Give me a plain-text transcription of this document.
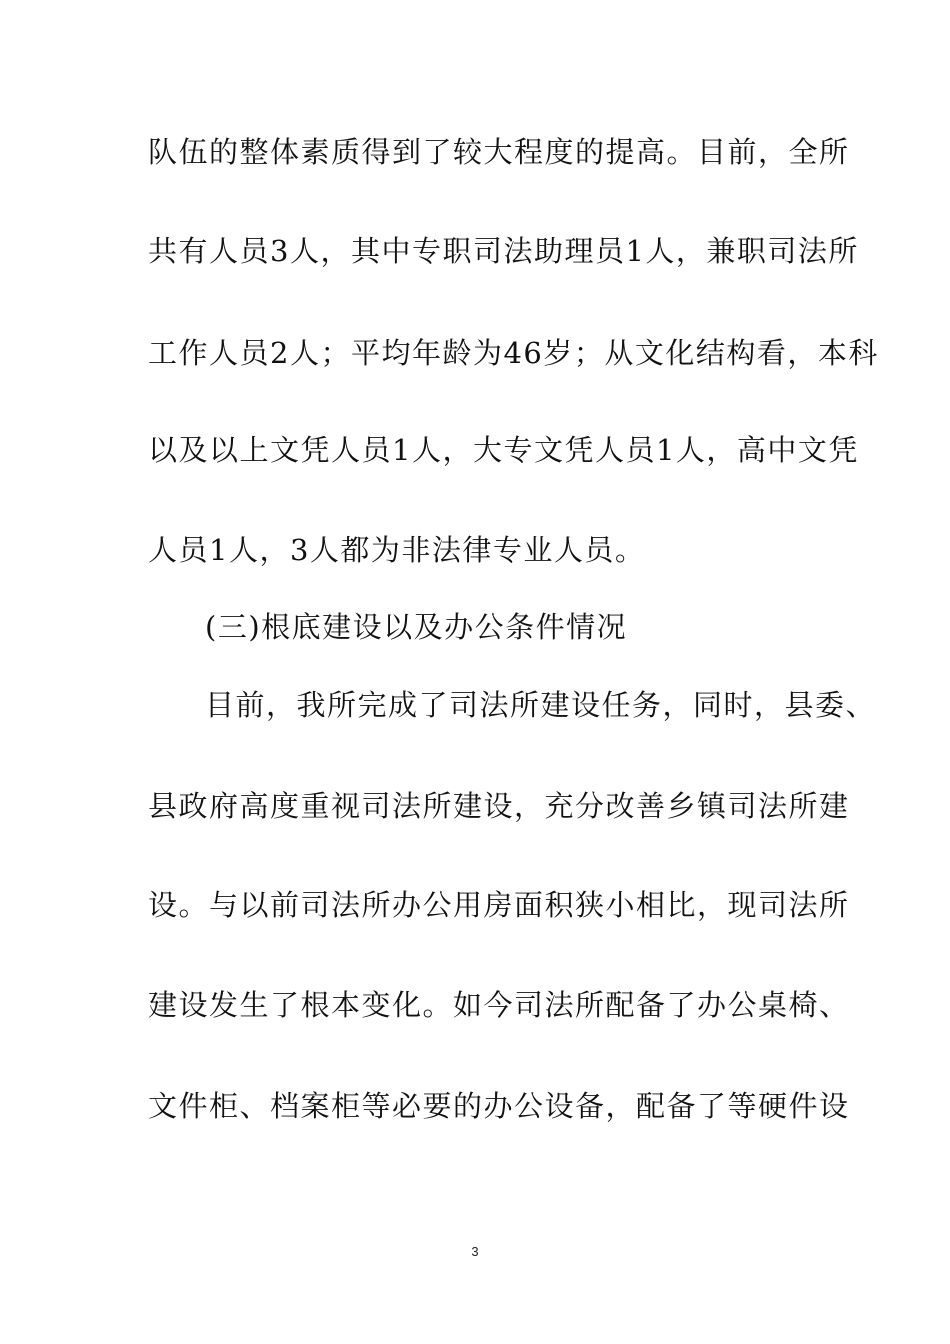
队伍的整体素质得到了较大程度的提高。目前，全所
共有人员3人，其中专职司法助理员1人，兼职司法所
工作人员2人；平均年龄为46岁；从文化结构看，本科
以及以上文凭人员1人，大专文凭人员1人，高中文凭
人员1人，3人都为非法律专业人员。
(三)根底建设以及办公条件情况
目前，我所完成了司法所建设任务，同时，县委、
县政府高度重视司法所建设，充分改善乡镇司法所建
设。与以前司法所办公用房面积狭小相比，现司法所
建设发生了根本变化。如今司法所配备了办公桌椅、
文件柜、档案柜等必要的办公设备，配备了等硬件设
3
